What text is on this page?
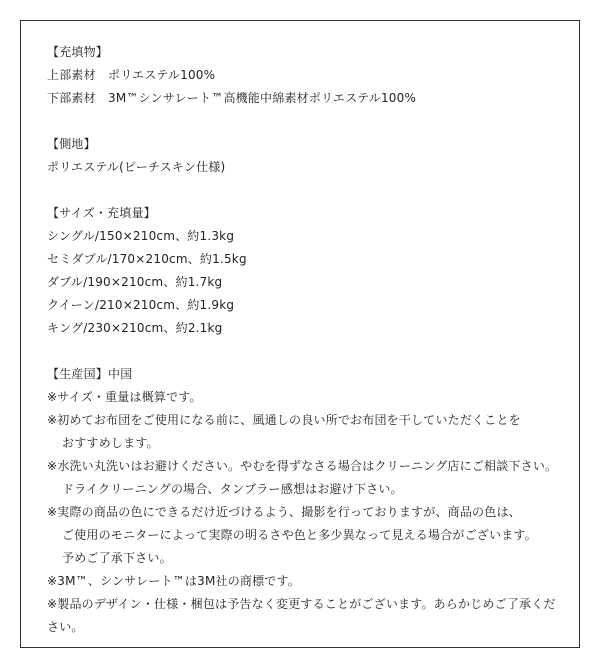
【充填物】
上部素材　ポリエステル100%
下部素材　3M™シンサレート™高機能中綿素材ポリエステル100%
【側地】
ポリエステル(ピーチスキン仕様)
【サイズ・充填量】
シングル/150×210cm、約1.3kg
セミダブル/170×210cm、約1.5kg
ダブル/190×210cm、約1.7kg
クイーン/210×210cm、約1.9kg
キング/230×210cm、約2.1kg
【生産国】中国
※サイズ・重量は概算です。
※初めてお布団をご使用になる前に、風通しの良い所でお布団を干していただくことを
おすすめします。
※水洗い丸洗いはお避けください。やむを得ずなさる場合はクリーニング店にご相談下さい。
ドライクリーニングの場合、タンブラー感想はお避け下さい。
※実際の商品の色にできるだけ近づけるよう、撮影を行っておりますが、商品の色は、
ご使用のモニターによって実際の明るさや色と多少異なって見える場合がございます。
予めご了承下さい。
※3M™、シンサレート™は3M社の商標です。
※製品のデザイン・仕様・梱包は予告なく変更することがございます。あらかじめご了承くだ
さい。
